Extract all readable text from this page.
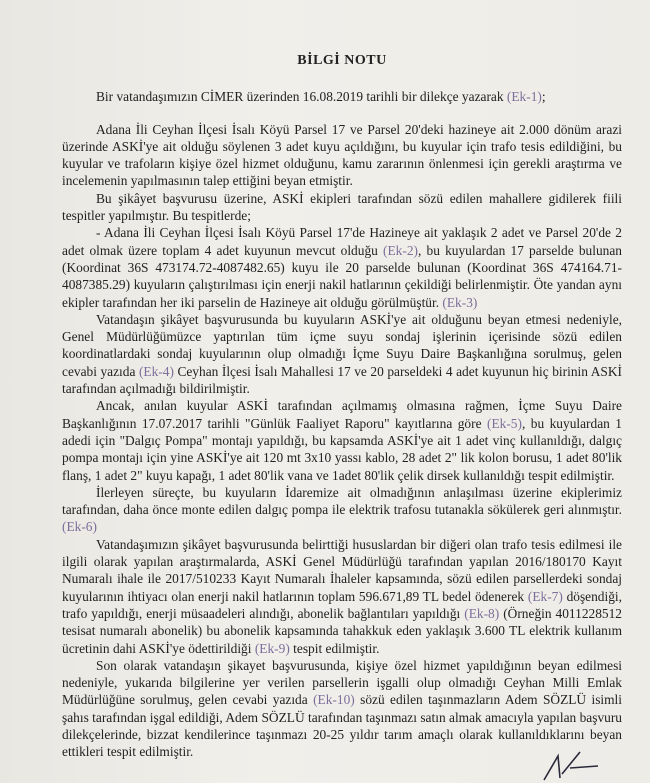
BİLGİ NOTU

Bir vatandaşımızın CİMER üzerinden 16.08.2019 tarihli bir dilekçe yazarak (Ek-1);

Adana İli Ceyhan İlçesi İsalı Köyü Parsel 17 ve Parsel 20'deki hazineye ait 2.000 dönüm arazi üzerinde ASKİ'ye ait olduğu söylenen 3 adet kuyu açıldığını, bu kuyular için trafo tesis edildiğini, bu kuyular ve trafoların kişiye özel hizmet olduğunu, kamu zararının önlenmesi için gerekli araştırma ve incelemenin yapılmasının talep ettiğini beyan etmiştir.

Bu şikâyet başvurusu üzerine, ASKİ ekipleri tarafından sözü edilen mahallere gidilerek fiili tespitler yapılmıştır. Bu tespitlerde;

- Adana İli Ceyhan İlçesi İsalı Köyü Parsel 17'de Hazineye ait yaklaşık 2 adet ve Parsel 20'de 2 adet olmak üzere toplam 4 adet kuyunun mevcut olduğu (Ek-2), bu kuyulardan 17 parselde bulunan (Koordinat 36S 473174.72-4087482.65) kuyu ile 20 parselde bulunan (Koordinat 36S 474164.71-4087385.29) kuyuların çalıştırılması için enerji nakil hatlarının çekildiği belirlenmiştir. Öte yandan aynı ekipler tarafından her iki parselin de Hazineye ait olduğu görülmüştür. (Ek-3)

Vatandaşın şikâyet başvurusunda bu kuyuların ASKİ'ye ait olduğunu beyan etmesi nedeniyle, Genel Müdürlüğümüzce yaptırılan tüm içme suyu sondaj işlerinin içerisinde sözü edilen koordinatlardaki sondaj kuyularının olup olmadığı İçme Suyu Daire Başkanlığına sorulmuş, gelen cevabi yazıda (Ek-4) Ceyhan İlçesi İsalı Mahallesi 17 ve 20 parseldeki 4 adet kuyunun hiç birinin ASKİ tarafından açılmadığı bildirilmiştir.

Ancak, anılan kuyular ASKİ tarafından açılmamış olmasına rağmen, İçme Suyu Daire Başkanlığının 17.07.2017 tarihli "Günlük Faaliyet Raporu" kayıtlarına göre (Ek-5), bu kuyulardan 1 adedi için "Dalgıç Pompa" montajı yapıldığı, bu kapsamda ASKİ'ye ait 1 adet vinç kullanıldığı, dalgıç pompa montajı için yine ASKİ'ye ait 120 mt 3x10 yassı kablo, 28 adet 2" lik kolon borusu, 1 adet 80'lik flanş, 1 adet 2" kuyu kapağı, 1 adet 80'lik vana ve 1adet 80'lik çelik dirsek kullanıldığı tespit edilmiştir.

İlerleyen süreçte, bu kuyuların İdaremize ait olmadığının anlaşılması üzerine ekiplerimiz tarafından, daha önce monte edilen dalgıç pompa ile elektrik trafosu tutanakla sökülerek geri alınmıştır. (Ek-6)

Vatandaşımızın şikâyet başvurusunda belirttiği hususlardan bir diğeri olan trafo tesis edilmesi ile ilgili olarak yapılan araştırmalarda, ASKİ Genel Müdürlüğü tarafından yapılan 2016/180170 Kayıt Numaralı ihale ile 2017/510233 Kayıt Numaralı İhaleler kapsamında, sözü edilen parsellerdeki sondaj kuyularının ihtiyacı olan enerji nakil hatlarının toplam 596.671,89 TL bedel ödenerek (Ek-7) döşendiği, trafo yapıldığı, enerji müsaadeleri alındığı, abonelik bağlantıları yapıldığı (Ek-8) (Örneğin 4011228512 tesisat numaralı abonelik) bu abonelik kapsamında tahakkuk eden yaklaşık 3.600 TL elektrik kullanım ücretinin dahi ASKİ'ye ödettirildiği (Ek-9) tespit edilmiştir.

Son olarak vatandaşın şikayet başvurusunda, kişiye özel hizmet yapıldığının beyan edilmesi nedeniyle, yukarıda bilgilerine yer verilen parsellerin işgalli olup olmadığı Ceyhan Milli Emlak Müdürlüğüne sorulmuş, gelen cevabi yazıda (Ek-10) sözü edilen taşınmazların Adem SÖZLÜ isimli şahıs tarafından işgal edildiği, Adem SÖZLÜ tarafından taşınmazı satın almak amacıyla yapılan başvuru dilekçelerinde, bizzat kendilerince taşınmazı 20-25 yıldır tarım amaçlı olarak kullanıldıklarını beyan ettikleri tespit edilmiştir.
